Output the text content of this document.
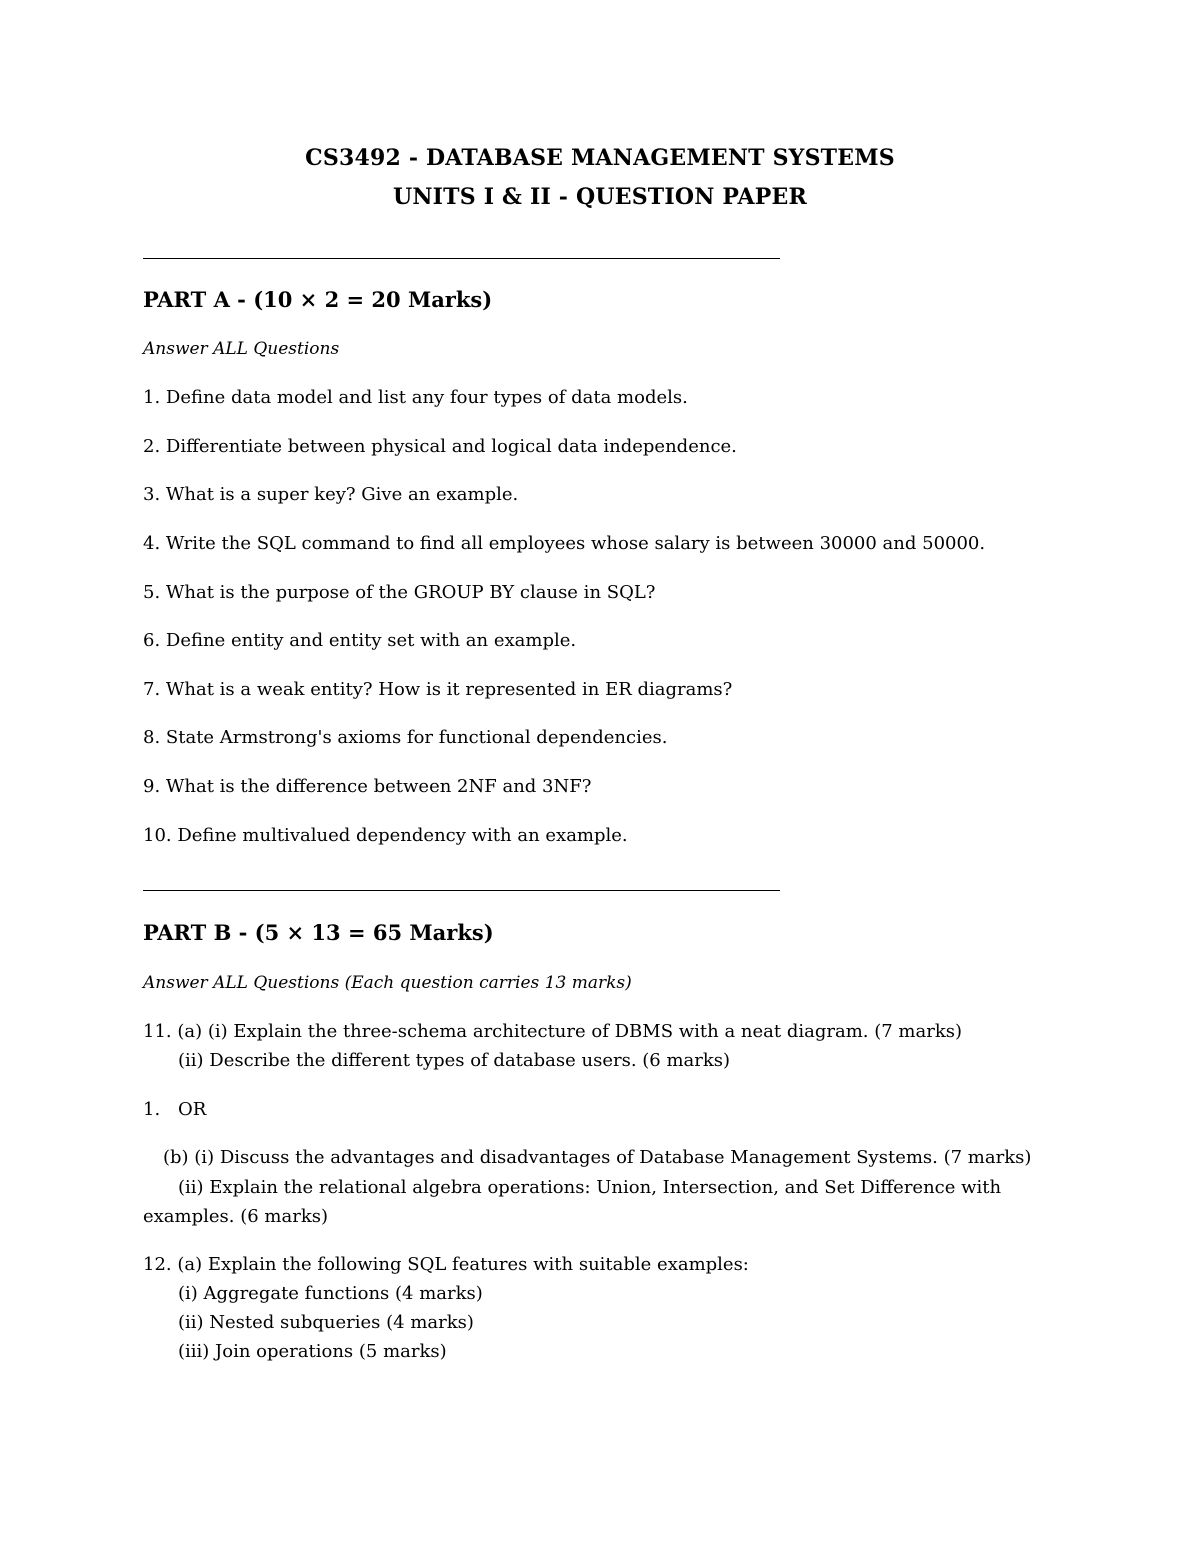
CS3492 - DATABASE MANAGEMENT SYSTEMS
UNITS I & II - QUESTION PAPER
PART A - (10 × 2 = 20 Marks)
Answer ALL Questions
1. Define data model and list any four types of data models.
2. Differentiate between physical and logical data independence.
3. What is a super key? Give an example.
4. Write the SQL command to find all employees whose salary is between 30000 and 50000.
5. What is the purpose of the GROUP BY clause in SQL?
6. Define entity and entity set with an example.
7. What is a weak entity? How is it represented in ER diagrams?
8. State Armstrong's axioms for functional dependencies.
9. What is the difference between 2NF and 3NF?
10. Define multivalued dependency with an example.
PART B - (5 × 13 = 65 Marks)
Answer ALL Questions (Each question carries 13 marks)
11. (a) (i) Explain the three-schema architecture of DBMS with a neat diagram. (7 marks)
(ii) Describe the different types of database users. (6 marks)
1. OR
(b) (i) Discuss the advantages and disadvantages of Database Management Systems. (7 marks)
(ii) Explain the relational algebra operations: Union, Intersection, and Set Difference with
examples. (6 marks)
12. (a) Explain the following SQL features with suitable examples:
(i) Aggregate functions (4 marks)
(ii) Nested subqueries (4 marks)
(iii) Join operations (5 marks)
